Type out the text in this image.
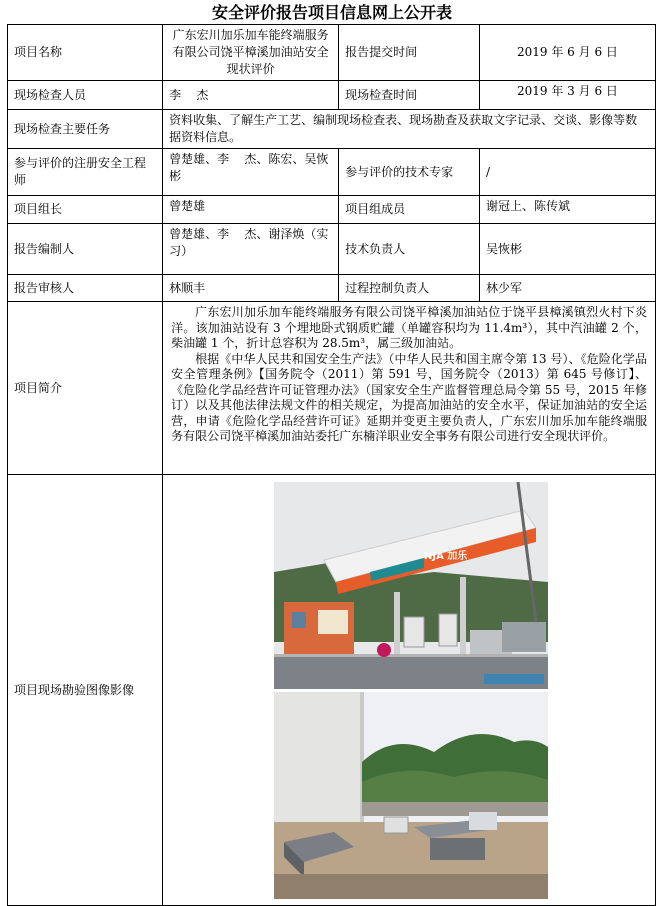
安全评价报告项目信息网上公开表
项目名称	广东宏川加乐加车能终端服务有限公司饶平樟溪加油站安全现状评价	报告提交时间	2019 年 6 月 6 日
现场检查人员	李    杰	现场检查时间	2019 年 3 月 6 日
现场检查主要任务	资料收集、了解生产工艺、编制现场检查表、现场勘查及获取文字记录、交谈、影像等数据资料信息。		
参与评价的注册安全工程师	曾楚雄、李    杰、陈宏、吴恢彬	参与评价的技术专家	/
项目组长	曾楚雄	项目组成员	谢冠上、陈传斌
报告编制人	曾楚雄、李    杰、谢泽焕（实习）	技术负责人	吴恢彬
报告审核人	林顺丰	过程控制负责人	林少军
项目简介	广东宏川加乐加车能终端服务有限公司饶平樟溪加油站位于饶平县樟溪镇烈火村下炎洋。该加油站设有 3 个埋地卧式钢质贮罐（单罐容积均为 11.4m³），其中汽油罐 2 个，柴油罐 1 个，折计总容积为 28.5m³，属三级加油站。

根据《中华人民共和国安全生产法》（中华人民共和国主席令第 13 号）、《危险化学品安全管理条例》【国务院令（2011）第 591 号，国务院令（2013）第 645 号修订】、《危险化学品经营许可证管理办法》（国家安全生产监督管理总局令第 55 号，2015 年修订）以及其他法律法规文件的相关规定，为提高加油站的安全水平，保证加油站的安全运营，申请《危险化学品经营许可证》延期并变更主要负责人，广东宏川加乐加车能终端服务有限公司饶平樟溪加油站委托广东楠洋职业安全事务有限公司进行安全现状评价。		

项目现场勘验图像影像	NJA 加乐		
